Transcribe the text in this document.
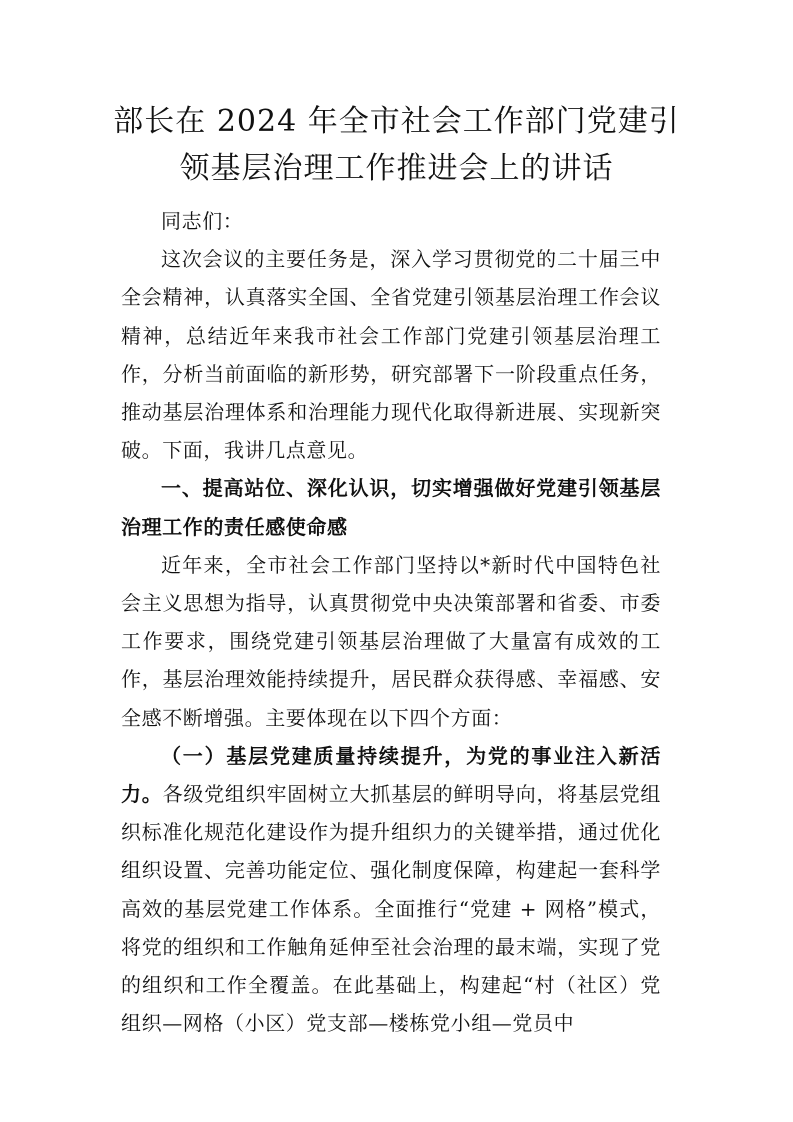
部长在 2024 年全市社会工作部门党建引领基层治理工作推进会上的讲话

同志们：

这次会议的主要任务是，深入学习贯彻党的二十届三中全会精神，认真落实全国、全省党建引领基层治理工作会议精神，总结近年来我市社会工作部门党建引领基层治理工作，分析当前面临的新形势，研究部署下一阶段重点任务，推动基层治理体系和治理能力现代化取得新进展、实现新突破。下面，我讲几点意见。

一、提高站位、深化认识，切实增强做好党建引领基层治理工作的责任感使命感

近年来，全市社会工作部门坚持以*新时代中国特色社会主义思想为指导，认真贯彻党中央决策部署和省委、市委工作要求，围绕党建引领基层治理做了大量富有成效的工作，基层治理效能持续提升，居民群众获得感、幸福感、安全感不断增强。主要体现在以下四个方面：

（一）基层党建质量持续提升，为党的事业注入新活力。各级党组织牢固树立大抓基层的鲜明导向，将基层党组织标准化规范化建设作为提升组织力的关键举措，通过优化组织设置、完善功能定位、强化制度保障，构建起一套科学高效的基层党建工作体系。全面推行“党建 + 网格”模式，将党的组织和工作触角延伸至社会治理的最末端，实现了党的组织和工作全覆盖。在此基础上，构建起“村（社区）党组织—网格（小区）党支部—楼栋党小组—党员中
